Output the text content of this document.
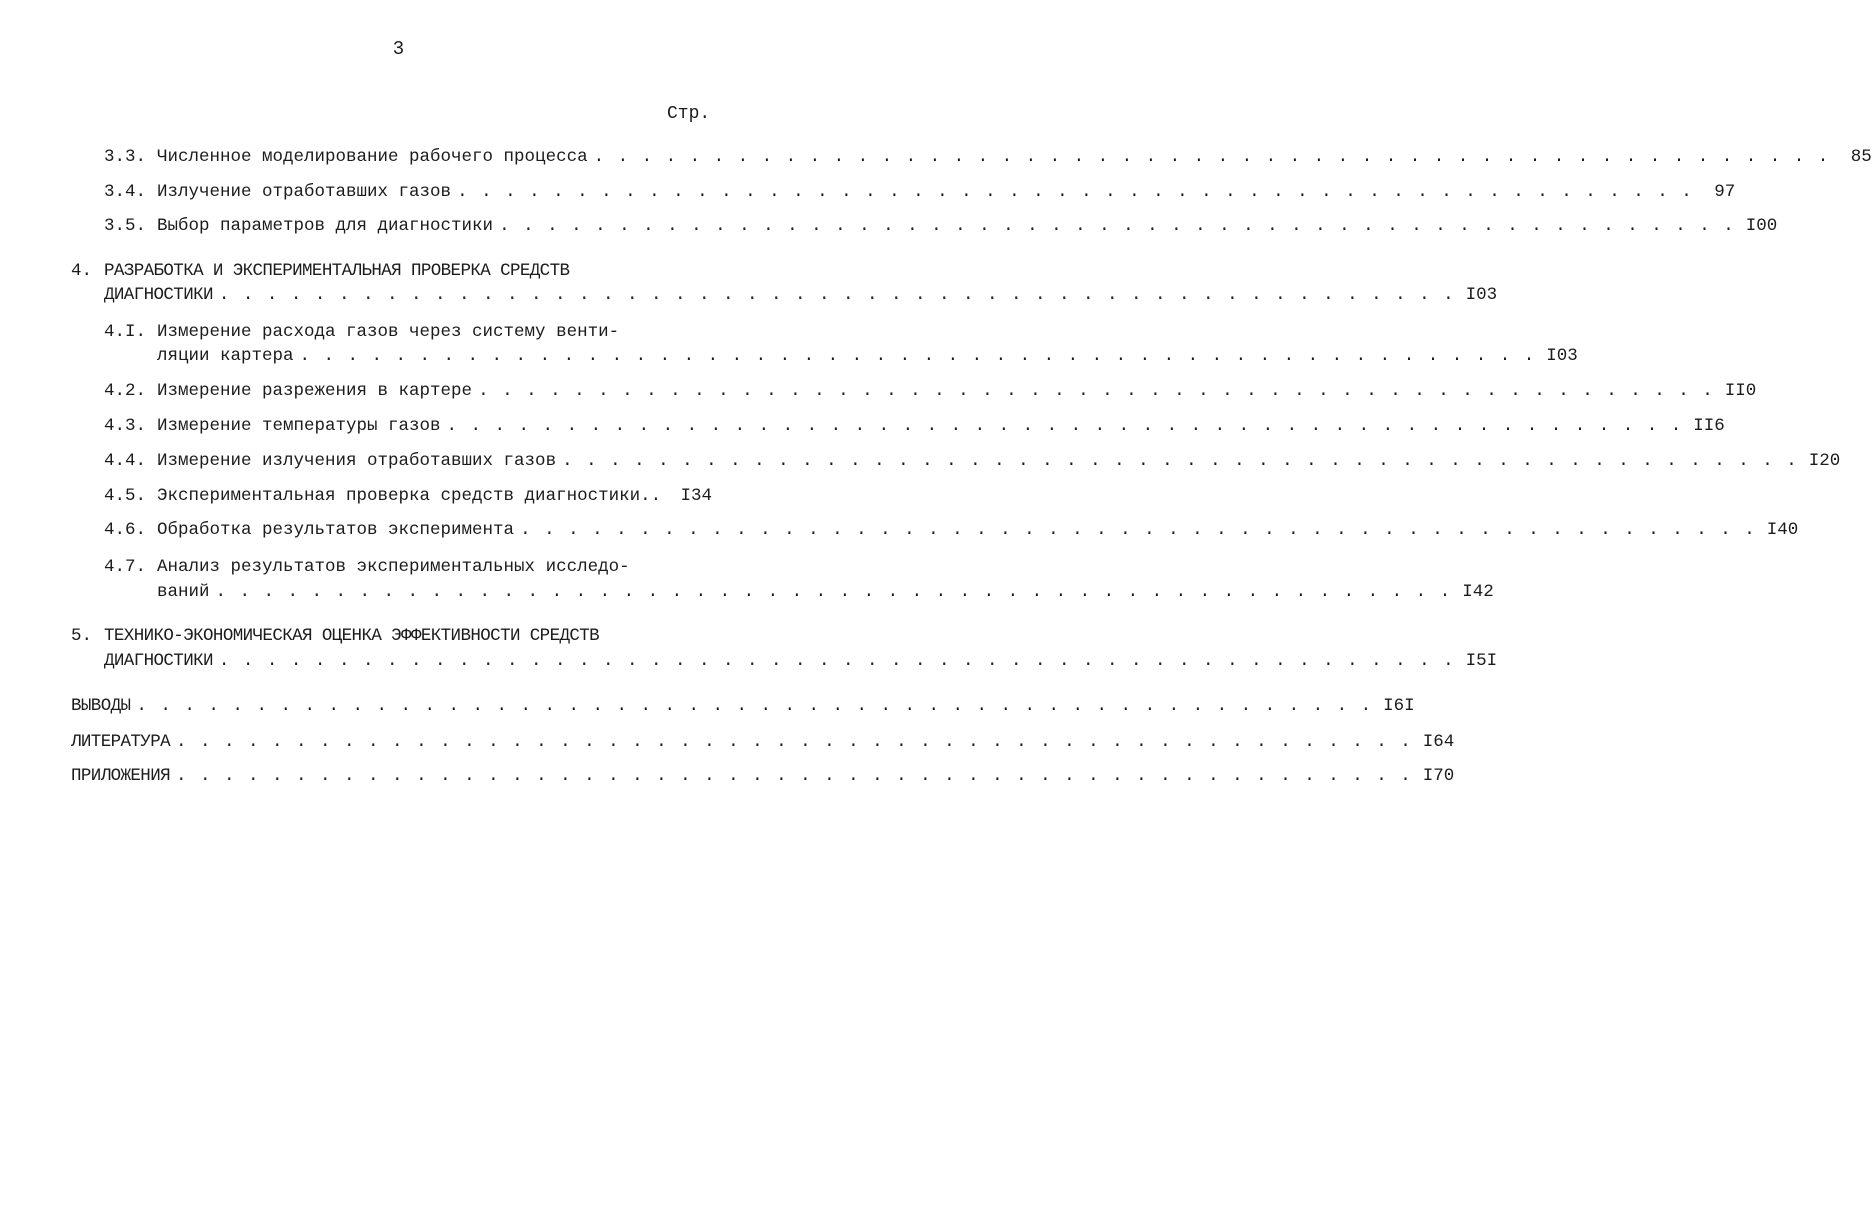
3
Стр.
3.3. Численное моделирование рабочего процесса . . . . . . . . . . . . . . . . . . . . . . . . . . . . . . . . . . . . . . . . . . . . . . . . . . . .	85
3.4. Излучение отработавших газов . . . . . . . . . . . . . . . . . . . . . . . . . . . . . . . . . . . . . . . . . . . . . . . . . . . .	97
3.5. Выбор параметров для диагностики . . . . . . . . . . . . . . . . . . . . . . . . . . . . . . . . . . . . . . . . . . . . . . . . . . . . I00
4. РАЗРАБОТКА И ЭКСПЕРИМЕНТАЛЬНАЯ ПРОВЕРКА СРЕДСТВ
ДИАГНОСТИКИ . . . . . . . . . . . . . . . . . . . . . . . . . . . . . . . . . . . . . . . . . . . . . . . . . . . . I03
4.I. Измерение расхода газов через систему венти-
ляции картера . . . . . . . . . . . . . . . . . . . . . . . . . . . . . . . . . . . . . . . . . . . . . . . . . . . . I03
4.2. Измерение разрежения в картере . . . . . . . . . . . . . . . . . . . . . . . . . . . . . . . . . . . . . . . . . . . . . . . . . . . . II0
4.3. Измерение температуры газов . . . . . . . . . . . . . . . . . . . . . . . . . . . . . . . . . . . . . . . . . . . . . . . . . . . . II6
4.4. Измерение излучения отработавших газов . . . . . . . . . . . . . . . . . . . . . . . . . . . . . . . . . . . . . . . . . . . . . . . . . . . . I20
4.5. Экспериментальная проверка средств диагностики..	I34
4.6. Обработка результатов эксперимента . . . . . . . . . . . . . . . . . . . . . . . . . . . . . . . . . . . . . . . . . . . . . . . . . . . . I40
4.7. Анализ результатов экспериментальных исследо-
ваний . . . . . . . . . . . . . . . . . . . . . . . . . . . . . . . . . . . . . . . . . . . . . . . . . . . . I42
5. ТЕХНИКО-ЭКОНОМИЧЕСКАЯ ОЦЕНКА ЭФФЕКТИВНОСТИ СРЕДСТВ
ДИАГНОСТИКИ . . . . . . . . . . . . . . . . . . . . . . . . . . . . . . . . . . . . . . . . . . . . . . . . . . . . I5I
ВЫВОДЫ . . . . . . . . . . . . . . . . . . . . . . . . . . . . . . . . . . . . . . . . . . . . . . . . . . . . I6I
ЛИТЕРАТУРА . . . . . . . . . . . . . . . . . . . . . . . . . . . . . . . . . . . . . . . . . . . . . . . . . . . . I64
ПРИЛОЖЕНИЯ . . . . . . . . . . . . . . . . . . . . . . . . . . . . . . . . . . . . . . . . . . . . . . . . . . . . I70
